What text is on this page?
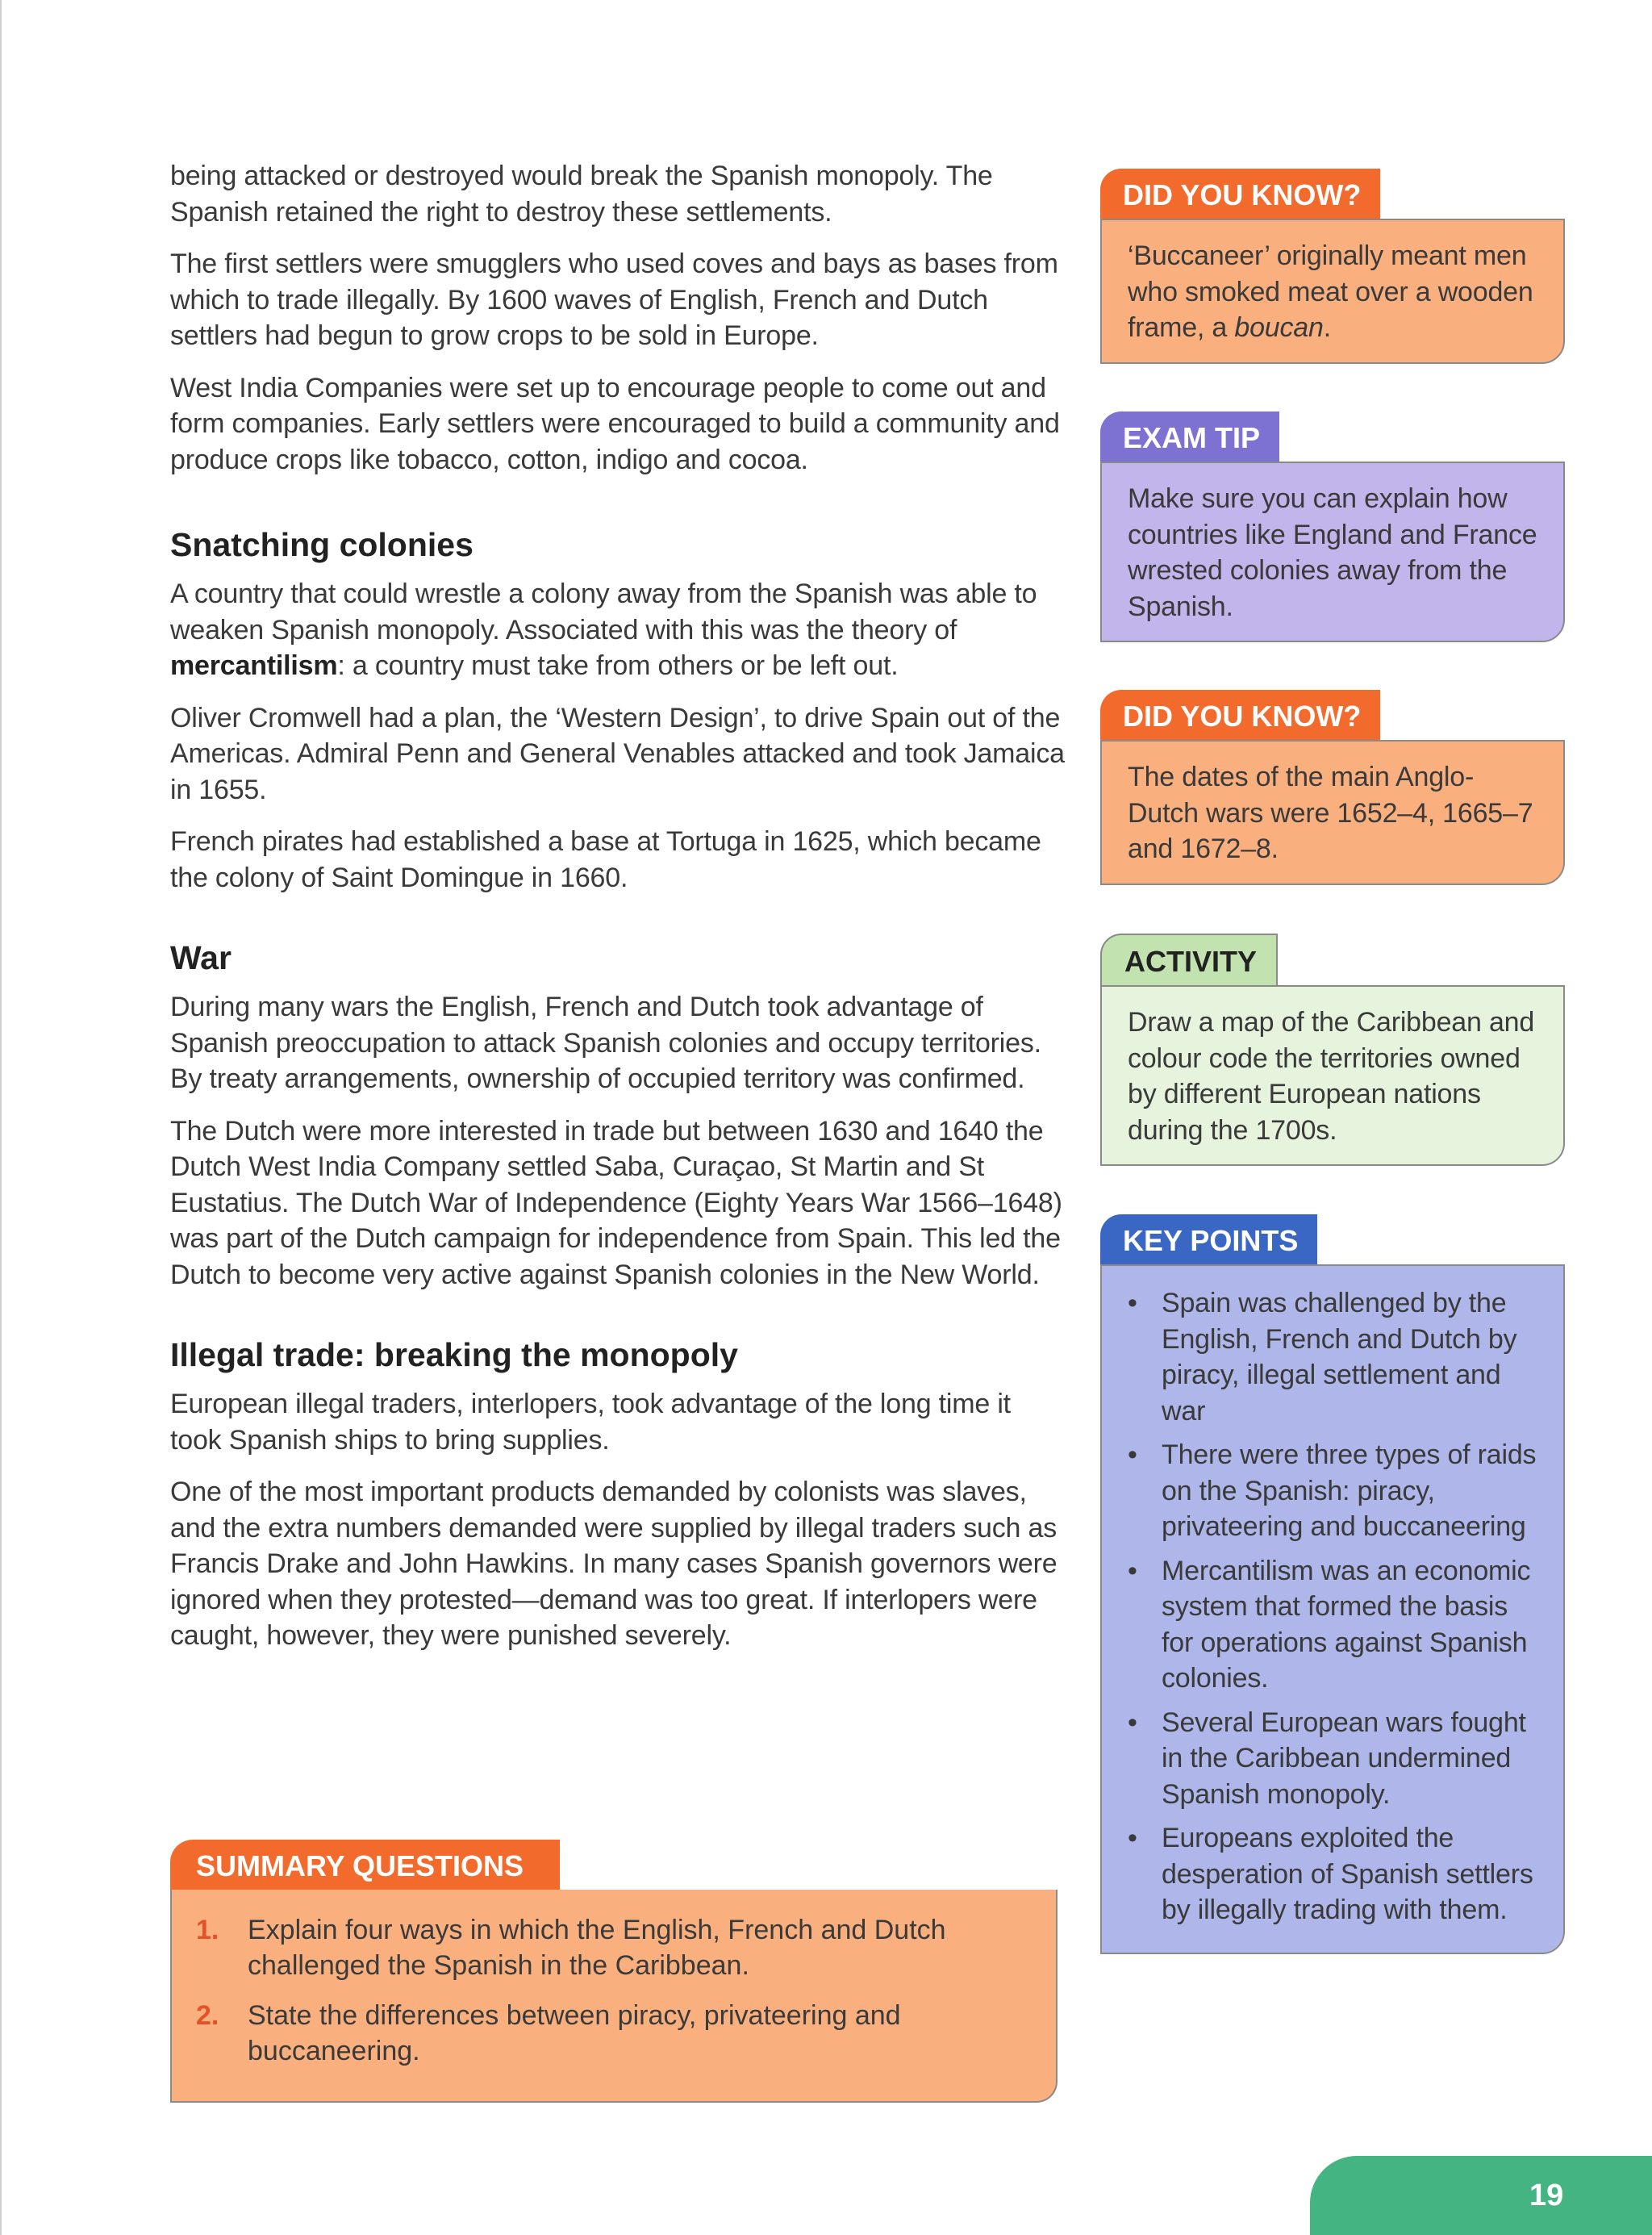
being attacked or destroyed would break the Spanish monopoly. The Spanish retained the right to destroy these settlements.

The first settlers were smugglers who used coves and bays as bases from which to trade illegally. By 1600 waves of English, French and Dutch settlers had begun to grow crops to be sold in Europe.

West India Companies were set up to encourage people to come out and form companies. Early settlers were encouraged to build a community and produce crops like tobacco, cotton, indigo and cocoa.

Snatching colonies

A country that could wrestle a colony away from the Spanish was able to weaken Spanish monopoly. Associated with this was the theory of mercantilism: a country must take from others or be left out.

Oliver Cromwell had a plan, the ‘Western Design’, to drive Spain out of the Americas. Admiral Penn and General Venables attacked and took Jamaica in 1655.

French pirates had established a base at Tortuga in 1625, which became the colony of Saint Domingue in 1660.

War

During many wars the English, French and Dutch took advantage of Spanish preoccupation to attack Spanish colonies and occupy territories. By treaty arrangements, ownership of occupied territory was confirmed.

The Dutch were more interested in trade but between 1630 and 1640 the Dutch West India Company settled Saba, Curaçao, St Martin and St Eustatius. The Dutch War of Independence (Eighty Years War 1566–1648) was part of the Dutch campaign for independence from Spain. This led the Dutch to become very active against Spanish colonies in the New World.

Illegal trade: breaking the monopoly

European illegal traders, interlopers, took advantage of the long time it took Spanish ships to bring supplies.

One of the most important products demanded by colonists was slaves, and the extra numbers demanded were supplied by illegal traders such as Francis Drake and John Hawkins. In many cases Spanish governors were ignored when they protested—demand was too great. If interlopers were caught, however, they were punished severely.

SUMMARY QUESTIONS
1.	Explain four ways in which the English, French and Dutch challenged the Spanish in the Caribbean.
2.	State the differences between piracy, privateering and buccaneering.
DID YOU KNOW?
‘Buccaneer’ originally meant men who smoked meat over a wooden frame, a boucan.
EXAM TIP
Make sure you can explain how countries like England and France wrested colonies away from the Spanish.
DID YOU KNOW?
The dates of the main Anglo-Dutch wars were 1652–4, 1665–7 and 1672–8.
ACTIVITY
Draw a map of the Caribbean and colour code the territories owned by different European nations during the 1700s.
KEY POINTS
• Spain was challenged by the English, French and Dutch by piracy, illegal settlement and war
• There were three types of raids on the Spanish: piracy, privateering and buccaneering
• Mercantilism was an economic system that formed the basis for operations against Spanish colonies.
• Several European wars fought in the Caribbean undermined Spanish monopoly.
• Europeans exploited the desperation of Spanish settlers by illegally trading with them.
19
